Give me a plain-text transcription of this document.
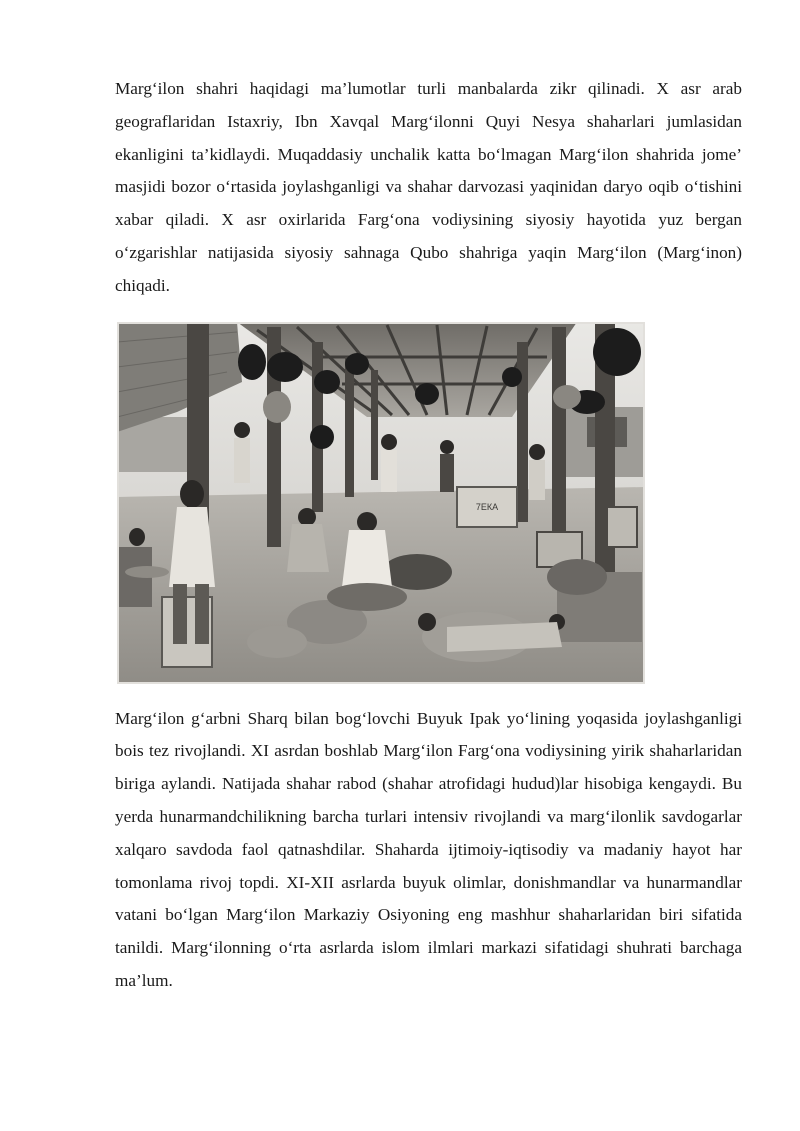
Marg‘ilon shahri haqidagi ma’lumotlar turli manbalarda zikr qilinadi. X asr arab geograflaridan Istaxriy, Ibn Xavqal Marg‘ilonni Quyi Nesya shaharlari jumlasidan ekanligini ta’kidlaydi. Muqaddasiy unchalik katta bo‘lmagan Marg‘ilon shahrida jome’ masjidi bozor o‘rtasida joylashganligi va shahar darvozasi yaqinidan daryo oqib o‘tishini xabar qiladi. X asr oxirlarida Farg‘ona vodiysining siyosiy hayotida yuz bergan o‘zgarishlar natijasida siyosiy sahnaga Qubo shahriga yaqin Marg‘ilon (Marg‘inon) chiqadi.

7ЕКА

Marg‘ilon g‘arbni Sharq bilan bog‘lovchi Buyuk Ipak yo‘lining yoqasida joylashganligi bois tez rivojlandi. XI asrdan boshlab Marg‘ilon Farg‘ona vodiysining yirik shaharlaridan biriga aylandi. Natijada shahar rabod (shahar atrofidagi hudud)lar hisobiga kengaydi. Bu yerda hunarmandchilikning barcha turlari intensiv rivojlandi va marg‘ilonlik savdogarlar xalqaro savdoda faol qatnashdilar. Shaharda ijtimoiy-iqtisodiy va madaniy hayot har tomonlama rivoj topdi. XI-XII asrlarda buyuk olimlar, donishmandlar va hunarmandlar vatani bo‘lgan Marg‘ilon Markaziy Osiyoning eng mashhur shaharlaridan biri sifatida tanildi. Marg‘ilonning o‘rta asrlarda islom ilmlari markazi sifatidagi shuhrati barchaga ma’lum.
